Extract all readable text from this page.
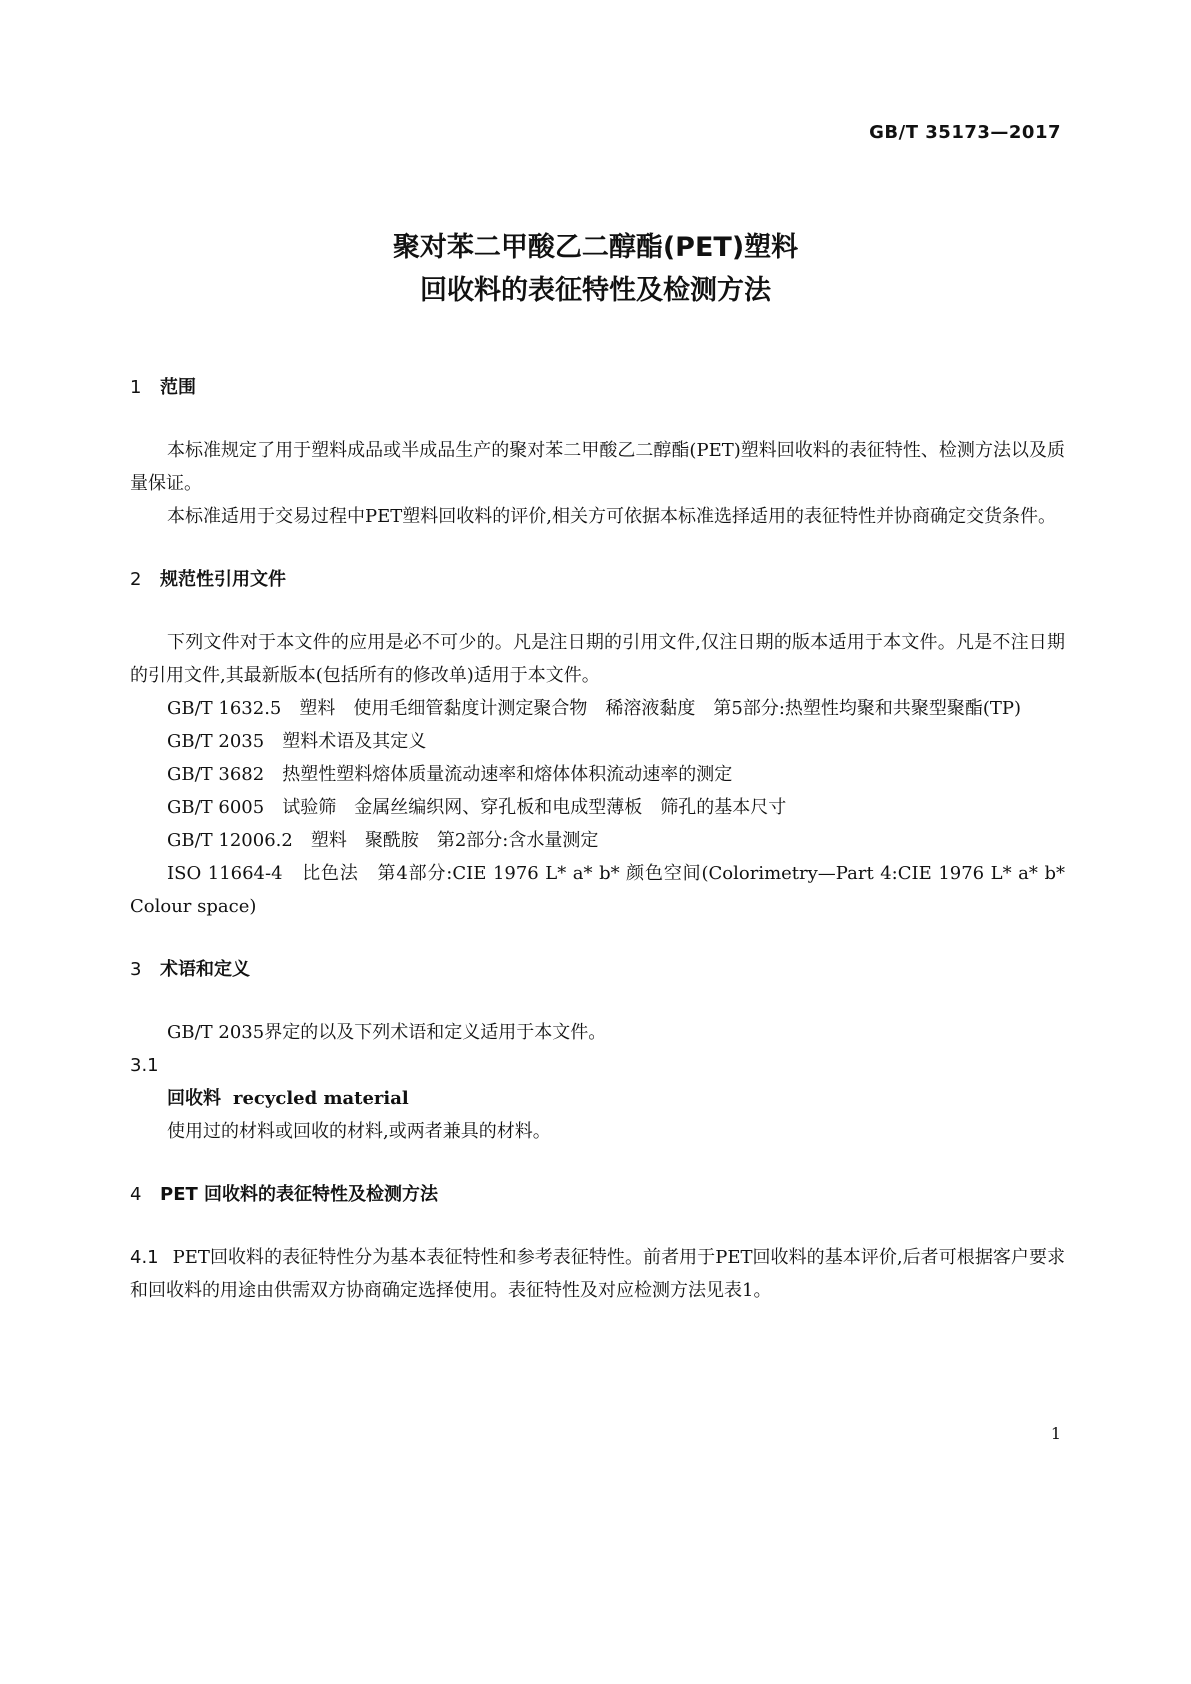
GB/T 35173—2017
聚对苯二甲酸乙二醇酯(PET)塑料
回收料的表征特性及检测方法
1 范围

本标准规定了用于塑料成品或半成品生产的聚对苯二甲酸乙二醇酯(PET)塑料回收料的表征特性、检测方法以及质量保证。

本标准适用于交易过程中PET塑料回收料的评价,相关方可依据本标准选择适用的表征特性并协商确定交货条件。

2 规范性引用文件

下列文件对于本文件的应用是必不可少的。凡是注日期的引用文件,仅注日期的版本适用于本文件。凡是不注日期的引用文件,其最新版本(包括所有的修改单)适用于本文件。

GB/T 1632.5　塑料　使用毛细管黏度计测定聚合物　稀溶液黏度　第5部分:热塑性均聚和共聚型聚酯(TP)

GB/T 2035　塑料术语及其定义

GB/T 3682　热塑性塑料熔体质量流动速率和熔体体积流动速率的测定

GB/T 6005　试验筛　金属丝编织网、穿孔板和电成型薄板　筛孔的基本尺寸

GB/T 12006.2　塑料　聚酰胺　第2部分:含水量测定

ISO 11664-4　比色法　第4部分:CIE 1976 L* a* b* 颜色空间(Colorimetry—Part 4:CIE 1976 L* a* b* Colour space)

3 术语和定义

GB/T 2035界定的以及下列术语和定义适用于本文件。

3.1
回收料 recycled material
使用过的材料或回收的材料,或两者兼具的材料。
4 PET 回收料的表征特性及检测方法

4.1 PET回收料的表征特性分为基本表征特性和参考表征特性。前者用于PET回收料的基本评价,后者可根据客户要求和回收料的用途由供需双方协商确定选择使用。表征特性及对应检测方法见表1。

1
